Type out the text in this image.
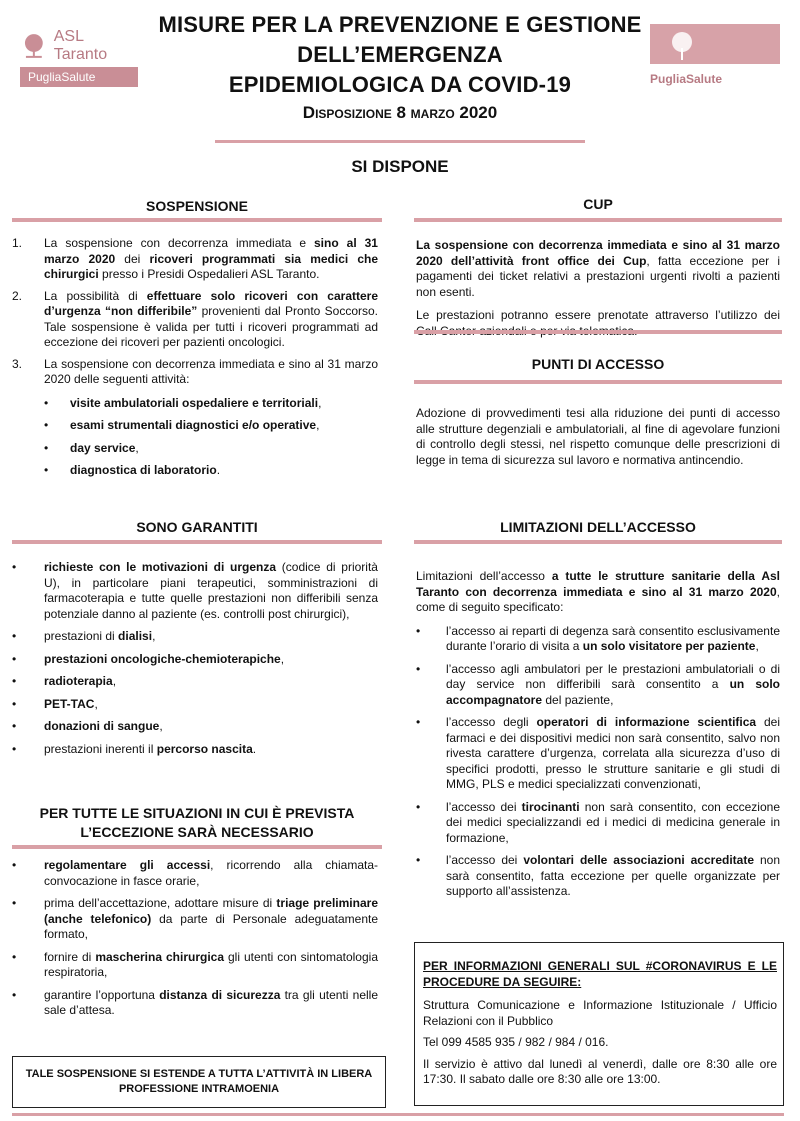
ASL Taranto
PugliaSalute
MISURE PER LA PREVENZIONE E GESTIONE
DELL’EMERGENZA
EPIDEMIOLOGICA DA COVID-19
Disposizione 8 marzo 2020
PugliaSalute
SI DISPONE
SOSPENSIONE
1. La sospensione con decorrenza immediata e sino al 31 marzo 2020 dei ricoveri programmati sia medici che chirurgici presso i Presidi Ospedalieri ASL Taranto.
2. La possibilità di effettuare solo ricoveri con carattere d’urgenza “non differibile” provenienti dal Pronto Soccorso. Tale sospensione è valida per tutti i ricoveri programmati ad eccezione dei ricoveri per pazienti oncologici.
3. La sospensione con decorrenza immediata e sino al 31 marzo 2020 delle seguenti attività:
• visite ambulatoriali ospedaliere e territoriali,
• esami strumentali diagnostici e/o operative,
• day service,
• diagnostica di laboratorio.
SONO GARANTITI
• richieste con le motivazioni di urgenza (codice di priorità U), in particolare piani terapeutici, somministrazioni di farmacoterapia e tutte quelle prestazioni non differibili senza potenziale danno al paziente (es. controlli post chirurgici),
• prestazioni di dialisi,
• prestazioni oncologiche-chemioterapiche,
• radioterapia,
• PET-TAC,
• donazioni di sangue,
• prestazioni inerenti il percorso nascita.
PER TUTTE LE SITUAZIONI IN CUI È PREVISTA
L’ECCEZIONE SARÀ NECESSARIO
• regolamentare gli accessi, ricorrendo alla chiamata-convocazione in fasce orarie,
• prima dell’accettazione, adottare misure di triage preliminare (anche telefonico) da parte di Personale adeguatamente formato,
• fornire di mascherina chirurgica gli utenti con sintomatologia respiratoria,
• garantire l’opportuna distanza di sicurezza tra gli utenti nelle sale d’attesa.
TALE SOSPENSIONE SI ESTENDE A TUTTA L’ATTIVITÀ IN LIBERA
PROFESSIONE INTRAMOENIA
CUP
La sospensione con decorrenza immediata e sino al 31 marzo 2020 dell’attività front office dei Cup, fatta eccezione per i pagamenti dei ticket relativi a prestazioni urgenti rivolti a pazienti non esenti.
Le prestazioni potranno essere prenotate attraverso l’utilizzo dei
PUNTI DI ACCESSO
Adozione di provvedimenti tesi alla riduzione dei punti di accesso alle strutture degenziali e ambulatoriali, al fine di agevolare funzioni di controllo degli stessi, nel rispetto comunque delle prescrizioni di legge in tema di sicurezza sul lavoro e normativa antincendio.
LIMITAZIONI DELL’ACCESSO
Limitazioni dell’accesso a tutte le strutture sanitarie della Asl Taranto con decorrenza immediata e sino al 31 marzo 2020, come di seguito specificato:
• l’accesso ai reparti di degenza sarà consentito esclusivamente durante l’orario di visita a un solo visitatore per paziente,
• l’accesso agli ambulatori per le prestazioni ambulatoriali o di day service non differibili sarà consentito a un solo accompagnatore del paziente,
• l’accesso degli operatori di informazione scientifica dei farmaci e dei dispositivi medici non sarà consentito, salvo non rivesta carattere d’urgenza, correlata alla sicurezza d’uso di specifici prodotti, presso le strutture sanitarie e gli studi di MMG, PLS e medici specializzati convenzionati,
• l’accesso dei tirocinanti non sarà consentito, con eccezione dei medici specializzandi ed i medici di medicina generale in formazione,
• l’accesso dei volontari delle associazioni accreditate non sarà consentito, fatta eccezione per quelle organizzate per supporto all’assistenza.
PER INFORMAZIONI GENERALI SUL #CORONAVIRUS E LE PROCEDURE DA SEGUIRE:
Struttura Comunicazione e Informazione Istituzionale / Ufficio Relazioni con il Pubblico
Tel 099 4585 935 / 982 / 984 / 016.
Il servizio è attivo dal lunedì al venerdì, dalle ore 8:30 alle ore 17:30. Il sabato dalle ore 8:30 alle ore 13:00.
